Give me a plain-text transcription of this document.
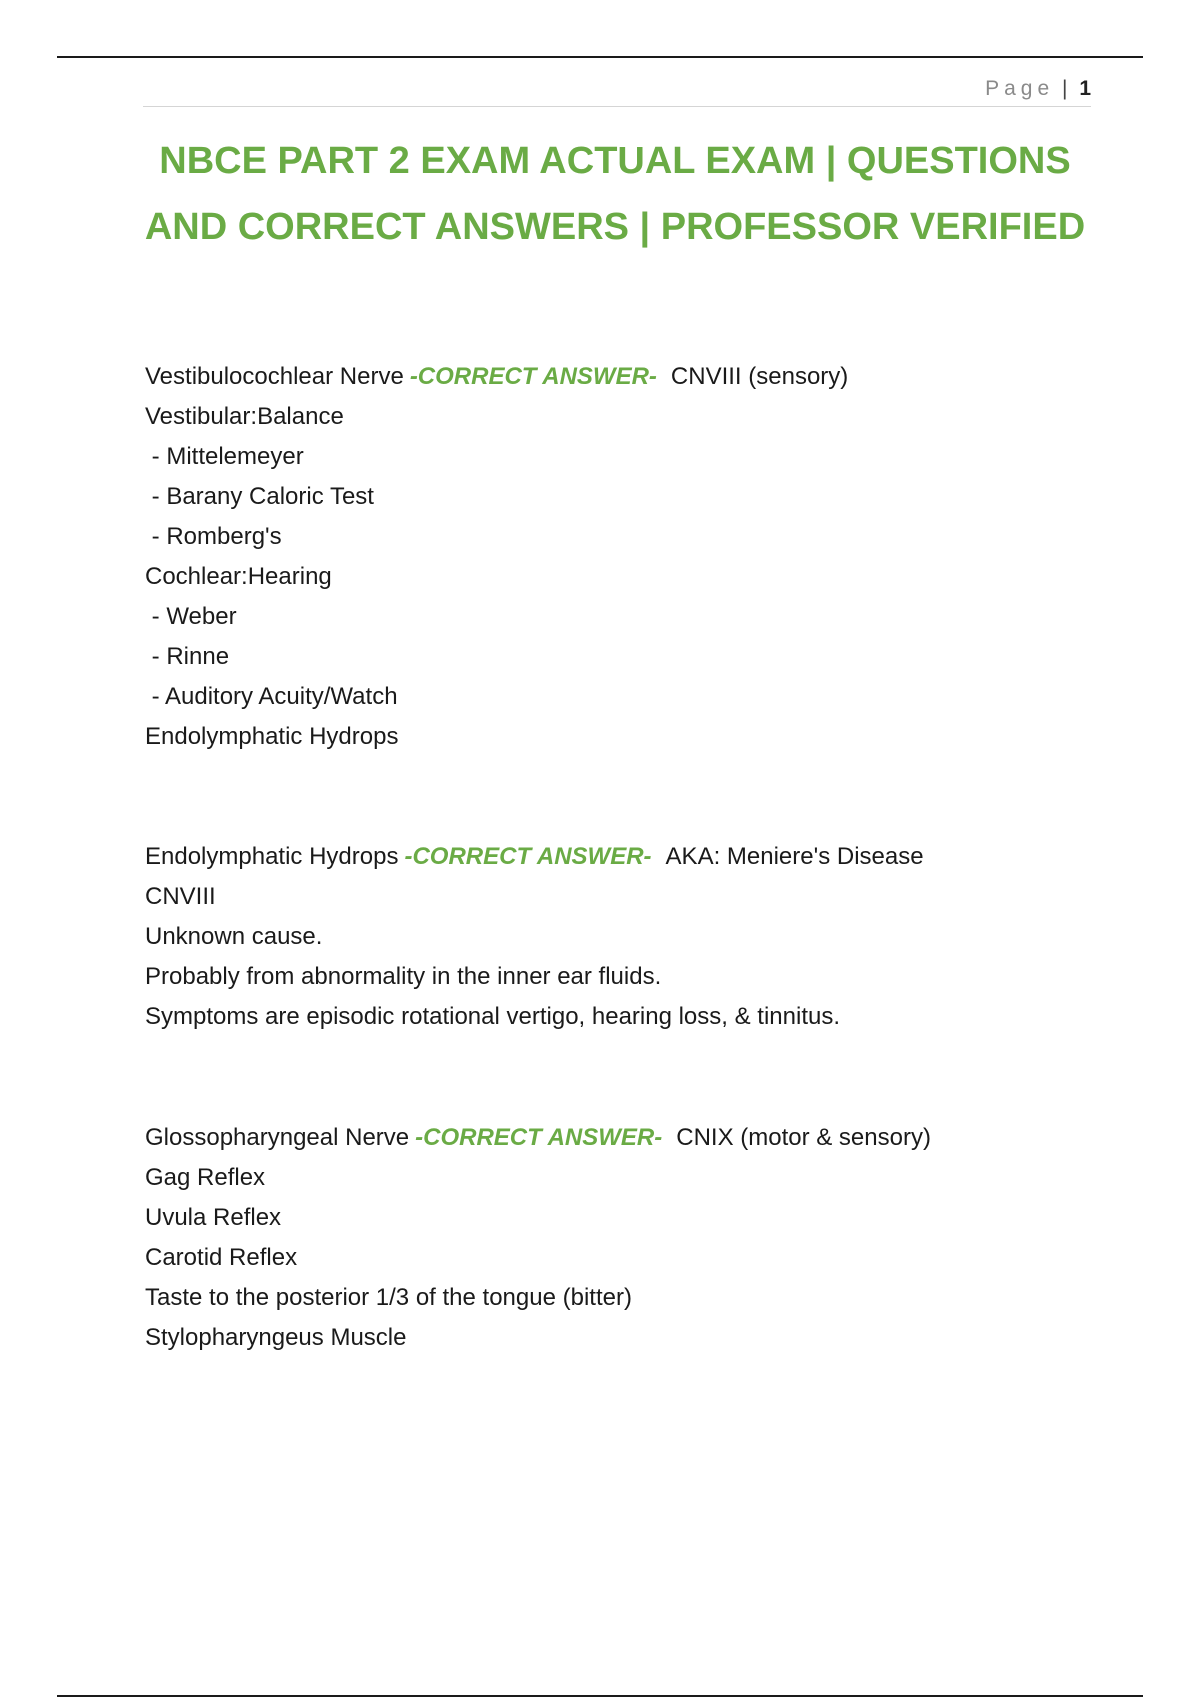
Page | 1
NBCE PART 2 EXAM ACTUAL EXAM | QUESTIONS
AND CORRECT ANSWERS | PROFESSOR VERIFIED

Vestibulocochlear Nerve -CORRECT ANSWER- CNVIII (sensory)

Vestibular:Balance

- Mittelemeyer

- Barany Caloric Test

- Romberg's

Cochlear:Hearing

- Weber

- Rinne

- Auditory Acuity/Watch

Endolymphatic Hydrops

Endolymphatic Hydrops -CORRECT ANSWER- AKA: Meniere's Disease

CNVIII

Unknown cause.

Probably from abnormality in the inner ear fluids.

Symptoms are episodic rotational vertigo, hearing loss, & tinnitus.

Glossopharyngeal Nerve -CORRECT ANSWER- CNIX (motor & sensory)

Gag Reflex

Uvula Reflex

Carotid Reflex

Taste to the posterior 1/3 of the tongue (bitter)

Stylopharyngeus Muscle
